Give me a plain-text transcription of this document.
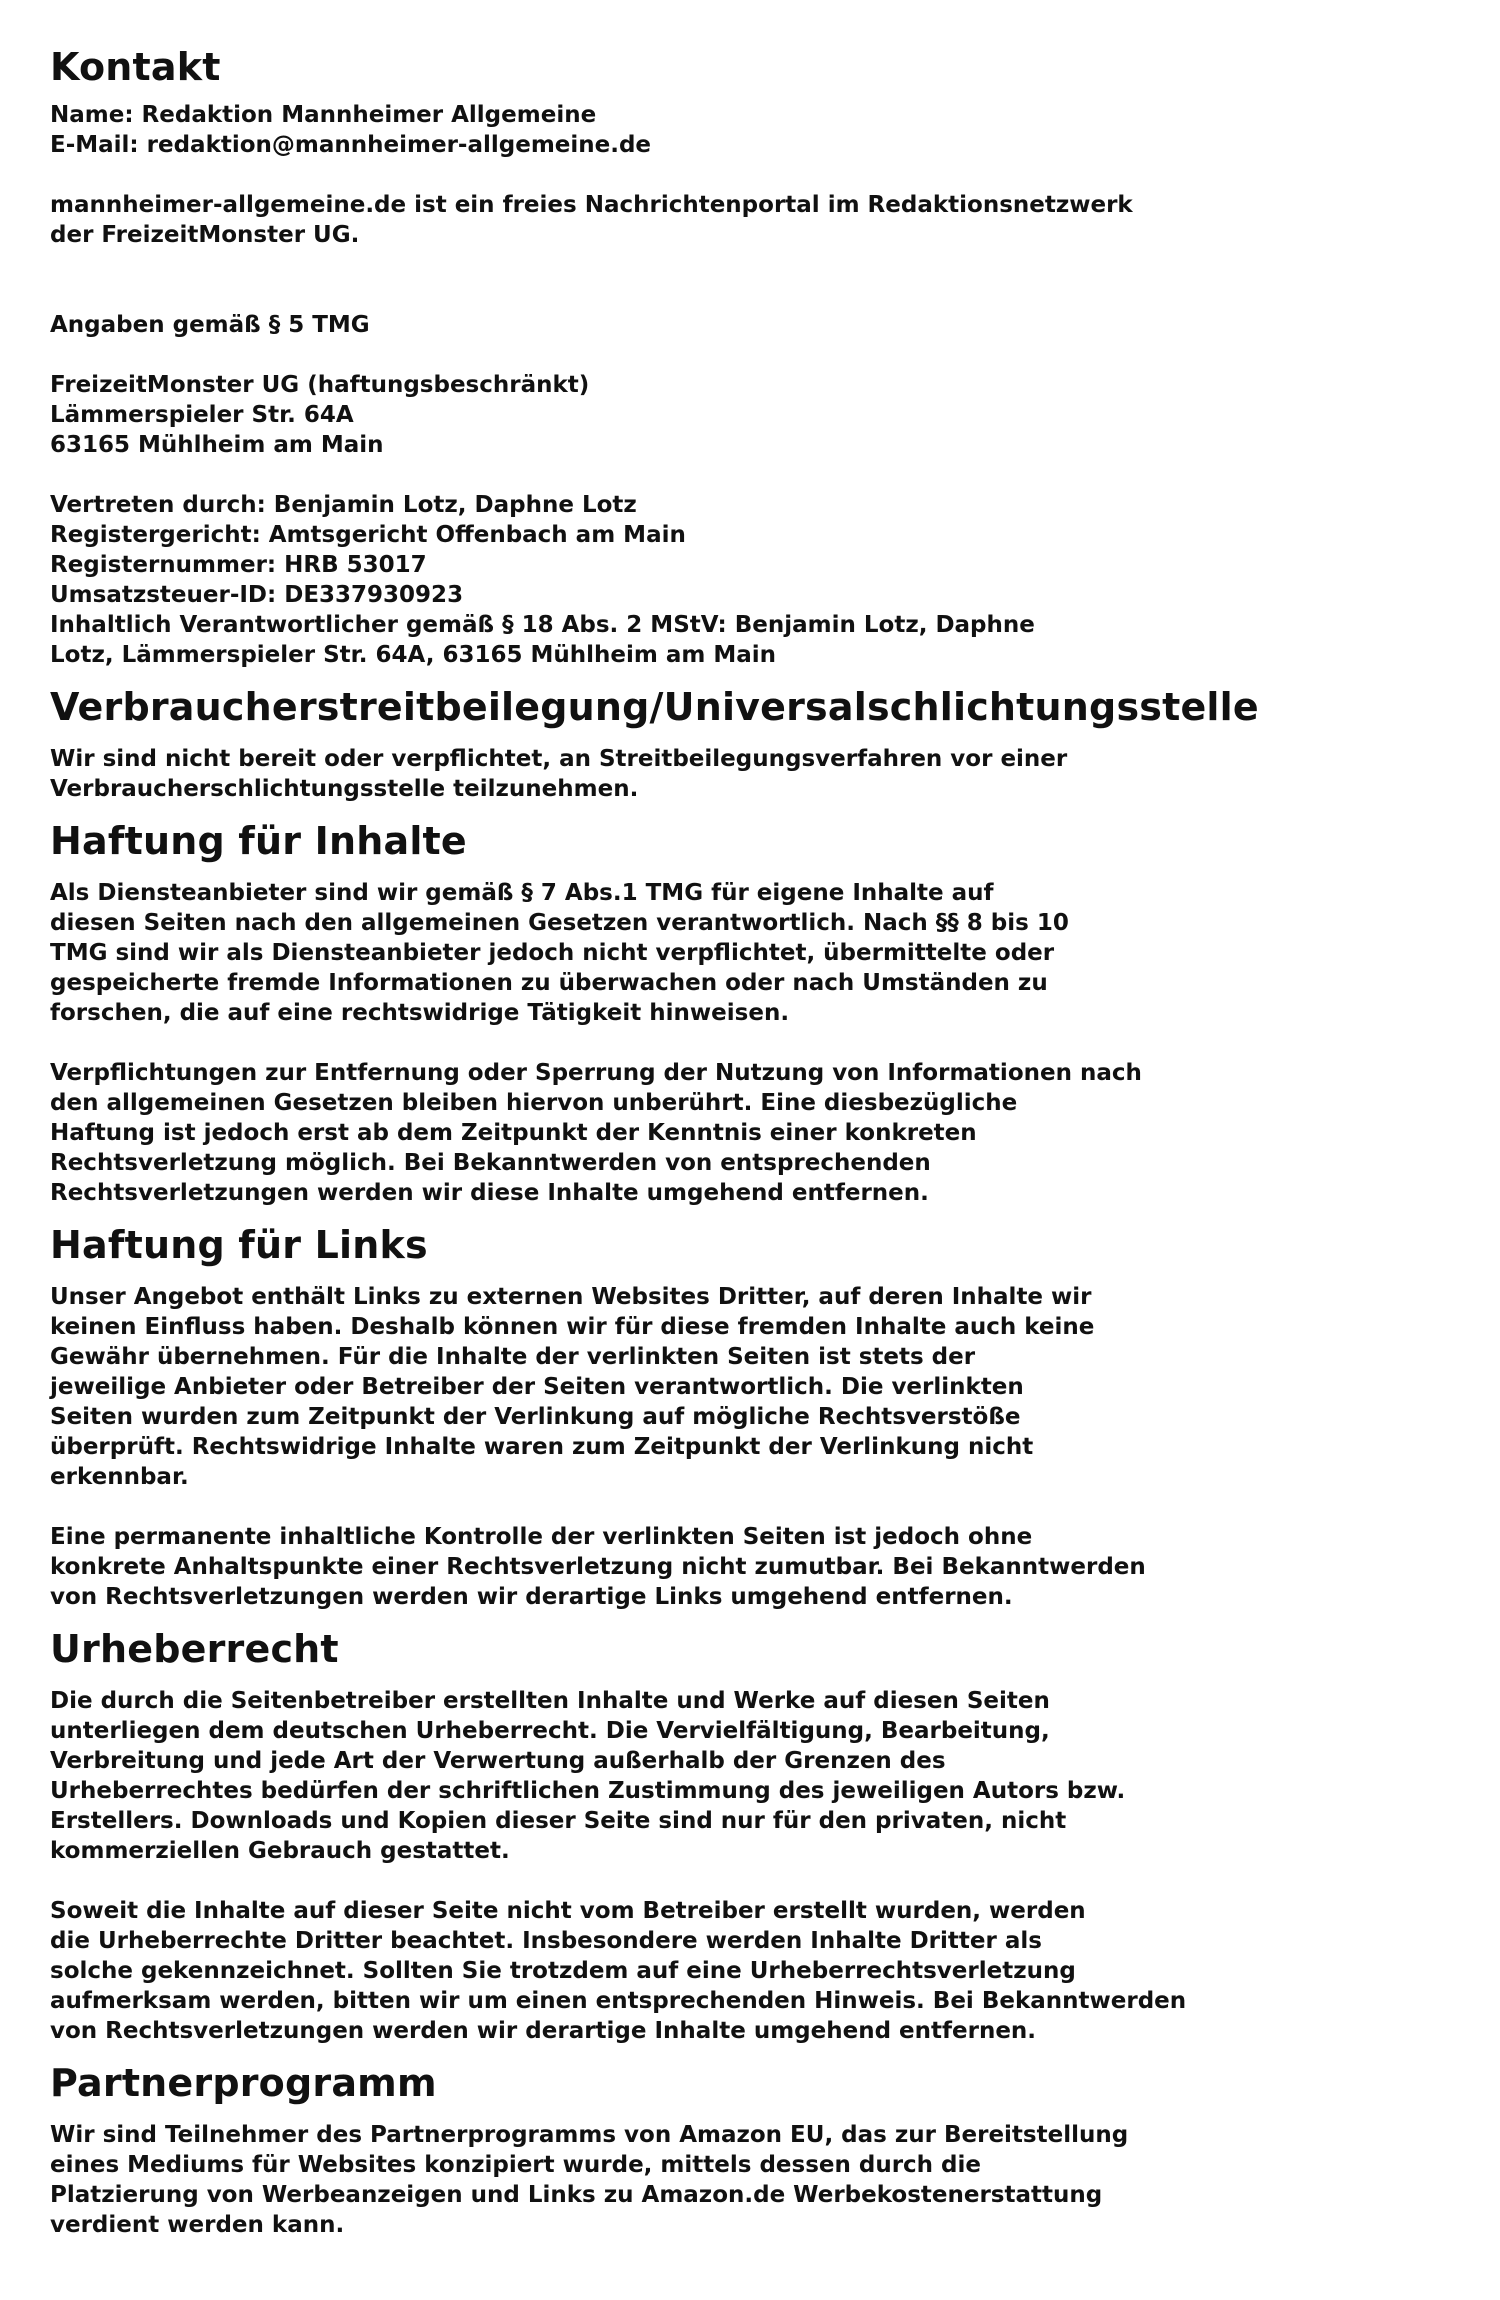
Kontakt

Name: Redaktion Mannheimer Allgemeine

E-Mail: redaktion@mannheimer-allgemeine.de

mannheimer-allgemeine.de ist ein freies Nachrichtenportal im Redaktionsnetzwerk
der FreizeitMonster UG.

Angaben gemäß § 5 TMG

FreizeitMonster UG (haftungsbeschränkt)
Lämmerspieler Str. 64A
63165 Mühlheim am Main

Vertreten durch: Benjamin Lotz, Daphne Lotz
Registergericht: Amtsgericht Offenbach am Main
Registernummer: HRB 53017
Umsatzsteuer-ID: DE337930923
Inhaltlich Verantwortlicher gemäß § 18 Abs. 2 MStV: Benjamin Lotz, Daphne
Lotz, Lämmerspieler Str. 64A, 63165 Mühlheim am Main

Verbraucherstreitbeilegung/Universalschlichtungsstelle

Wir sind nicht bereit oder verpflichtet, an Streitbeilegungsverfahren vor einer
Verbraucherschlichtungsstelle teilzunehmen.

Haftung für Inhalte

Als Diensteanbieter sind wir gemäß § 7 Abs.1 TMG für eigene Inhalte auf
diesen Seiten nach den allgemeinen Gesetzen verantwortlich. Nach §§ 8 bis 10
TMG sind wir als Diensteanbieter jedoch nicht verpflichtet, übermittelte oder
gespeicherte fremde Informationen zu überwachen oder nach Umständen zu
forschen, die auf eine rechtswidrige Tätigkeit hinweisen.

Verpflichtungen zur Entfernung oder Sperrung der Nutzung von Informationen nach
den allgemeinen Gesetzen bleiben hiervon unberührt. Eine diesbezügliche
Haftung ist jedoch erst ab dem Zeitpunkt der Kenntnis einer konkreten
Rechtsverletzung möglich. Bei Bekanntwerden von entsprechenden
Rechtsverletzungen werden wir diese Inhalte umgehend entfernen.

Haftung für Links

Unser Angebot enthält Links zu externen Websites Dritter, auf deren Inhalte wir
keinen Einfluss haben. Deshalb können wir für diese fremden Inhalte auch keine
Gewähr übernehmen. Für die Inhalte der verlinkten Seiten ist stets der
jeweilige Anbieter oder Betreiber der Seiten verantwortlich. Die verlinkten
Seiten wurden zum Zeitpunkt der Verlinkung auf mögliche Rechtsverstöße
überprüft. Rechtswidrige Inhalte waren zum Zeitpunkt der Verlinkung nicht
erkennbar.

Eine permanente inhaltliche Kontrolle der verlinkten Seiten ist jedoch ohne
konkrete Anhaltspunkte einer Rechtsverletzung nicht zumutbar. Bei Bekanntwerden
von Rechtsverletzungen werden wir derartige Links umgehend entfernen.

Urheberrecht

Die durch die Seitenbetreiber erstellten Inhalte und Werke auf diesen Seiten
unterliegen dem deutschen Urheberrecht. Die Vervielfältigung, Bearbeitung,
Verbreitung und jede Art der Verwertung außerhalb der Grenzen des
Urheberrechtes bedürfen der schriftlichen Zustimmung des jeweiligen Autors bzw.
Erstellers. Downloads und Kopien dieser Seite sind nur für den privaten, nicht
kommerziellen Gebrauch gestattet.

Soweit die Inhalte auf dieser Seite nicht vom Betreiber erstellt wurden, werden
die Urheberrechte Dritter beachtet. Insbesondere werden Inhalte Dritter als
solche gekennzeichnet. Sollten Sie trotzdem auf eine Urheberrechtsverletzung
aufmerksam werden, bitten wir um einen entsprechenden Hinweis. Bei Bekanntwerden
von Rechtsverletzungen werden wir derartige Inhalte umgehend entfernen.

Partnerprogramm

Wir sind Teilnehmer des Partnerprogramms von Amazon EU, das zur Bereitstellung
eines Mediums für Websites konzipiert wurde, mittels dessen durch die
Platzierung von Werbeanzeigen und Links zu Amazon.de Werbekostenerstattung
verdient werden kann.
